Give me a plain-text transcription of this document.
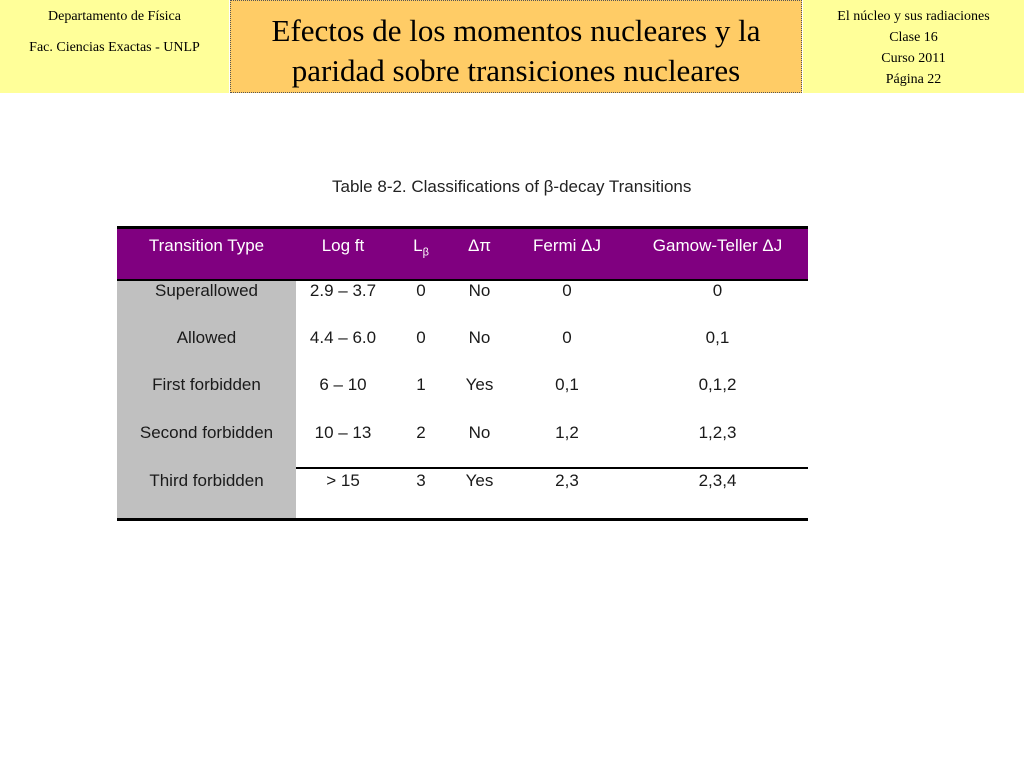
Departamento de Física
Fac. Ciencias Exactas - UNLP	Efectos de los momentos nucleares y la paridad sobre transiciones nucleares
El núcleo y sus radiaciones
Clase 16
Curso 2011
Página 22
Table 8-2. Classifications of β-decay Transitions
Transition Type	Log ft	$L_\beta$	Δπ	Fermi ΔJ	Gamow-Teller ΔJ
Superallowed	2.9 – 3.7	0	No	0	0
Allowed	4.4 – 6.0	0	No	0	0,1
First forbidden	6 – 10	1	Yes	0,1	0,1,2
Second forbidden	10 – 13	2	No	1,2	1,2,3
Third forbidden	> 15	3	Yes	2,3	2,3,4
